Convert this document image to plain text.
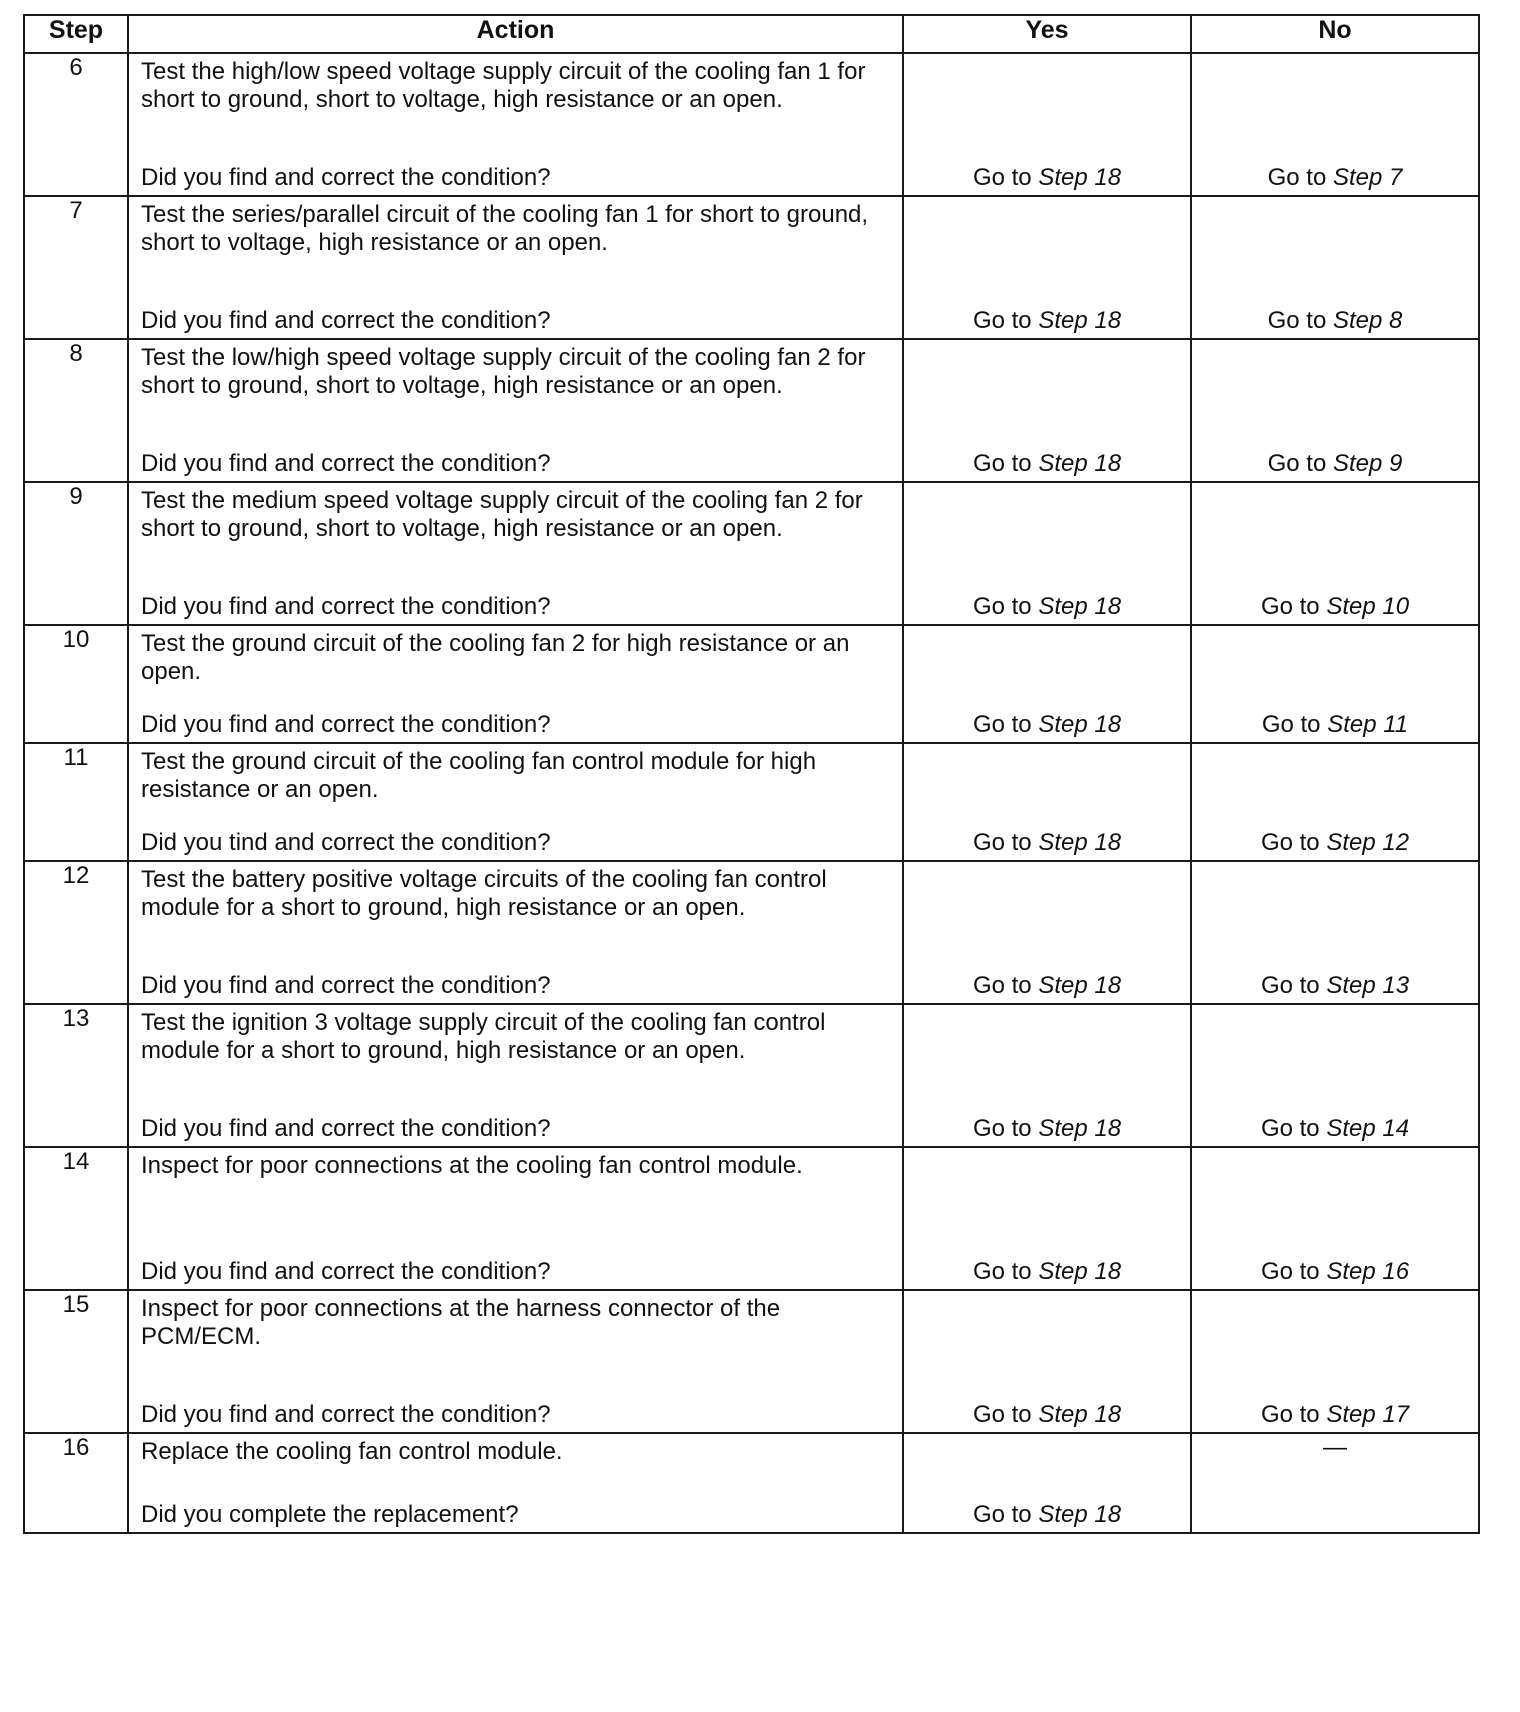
Step	Action	Yes	No
6	Test the high/low speed voltage supply circuit of the cooling fan 1 for short to ground, short to voltage, high resistance or an open.
Did you find and correct the condition?	Go to Step 18	Go to Step 7

7	Test the series/parallel circuit of the cooling fan 1 for short to ground, short to voltage, high resistance or an open.
Did you find and correct the condition?	Go to Step 18	Go to Step 8

8	Test the low/high speed voltage supply circuit of the cooling fan 2 for short to ground, short to voltage, high resistance or an open.
Did you find and correct the condition?	Go to Step 18	Go to Step 9

9	Test the medium speed voltage supply circuit of the cooling fan 2 for short to ground, short to voltage, high resistance or an open.
Did you find and correct the condition?	Go to Step 18	Go to Step 10

10	Test the ground circuit of the cooling fan 2 for high resistance or an open.
Did you find and correct the condition?	Go to Step 18	Go to Step 11

11	Test the ground circuit of the cooling fan control module for high resistance or an open.
Did you tind and correct the condition?	Go to Step 18	Go to Step 12

12	Test the battery positive voltage circuits of the cooling fan control module for a short to ground, high resistance or an open.
Did you find and correct the condition?	Go to Step 18	Go to Step 13

13	Test the ignition 3 voltage supply circuit of the cooling fan control module for a short to ground, high resistance or an open.
Did you find and correct the condition?	Go to Step 18	Go to Step 14

14	Inspect for poor connections at the cooling fan control module.
Did you find and correct the condition?	Go to Step 18	Go to Step 16

15	Inspect for poor connections at the harness connector of the PCM/ECM.
Did you find and correct the condition?	Go to Step 18	Go to Step 17

16	Replace the cooling fan control module.
Did you complete the replacement?	Go to Step 18	—
